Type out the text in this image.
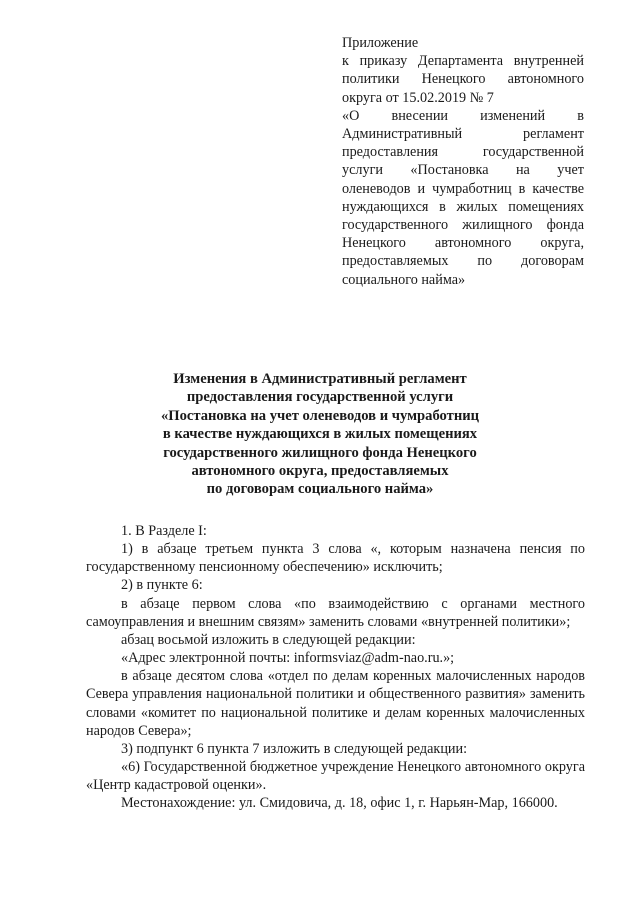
Приложение
к приказу Департамента внутренней
политики Ненецкого автономного
округа от 15.02.2019 № 7
«О внесении изменений в
Административный регламент
предоставления государственной
услуги «Постановка на учет
оленеводов и чумработниц в качестве
нуждающихся в жилых помещениях
государственного жилищного фонда
Ненецкого автономного округа,
предоставляемых по договорам
социального найма»
Изменения в Административный регламент
предоставления государственной услуги
«Постановка на учет оленеводов и чумработниц
в качестве нуждающихся в жилых помещениях
государственного жилищного фонда Ненецкого
автономного округа, предоставляемых
по договорам социального найма»

1. В Разделе I:

1) в абзаце третьем пункта 3 слова «, которым назначена пенсия по государственному пенсионному обеспечению» исключить;

2) в пункте 6:

в абзаце первом слова «по взаимодействию с органами местного самоуправления и внешним связям» заменить словами «внутренней политики»;

абзац восьмой изложить в следующей редакции:

«Адрес электронной почты: informsviaz@adm-nao.ru.»;

в абзаце десятом слова «отдел по делам коренных малочисленных народов Севера управления национальной политики и общественного развития» заменить словами «комитет по национальной политике и делам коренных малочисленных народов Севера»;

3) подпункт 6 пункта 7 изложить в следующей редакции:

«6) Государственной бюджетное учреждение Ненецкого автономного округа «Центр кадастровой оценки».

Местонахождение: ул. Смидовича, д. 18, офис 1, г. Нарьян-Мар, 166000.
